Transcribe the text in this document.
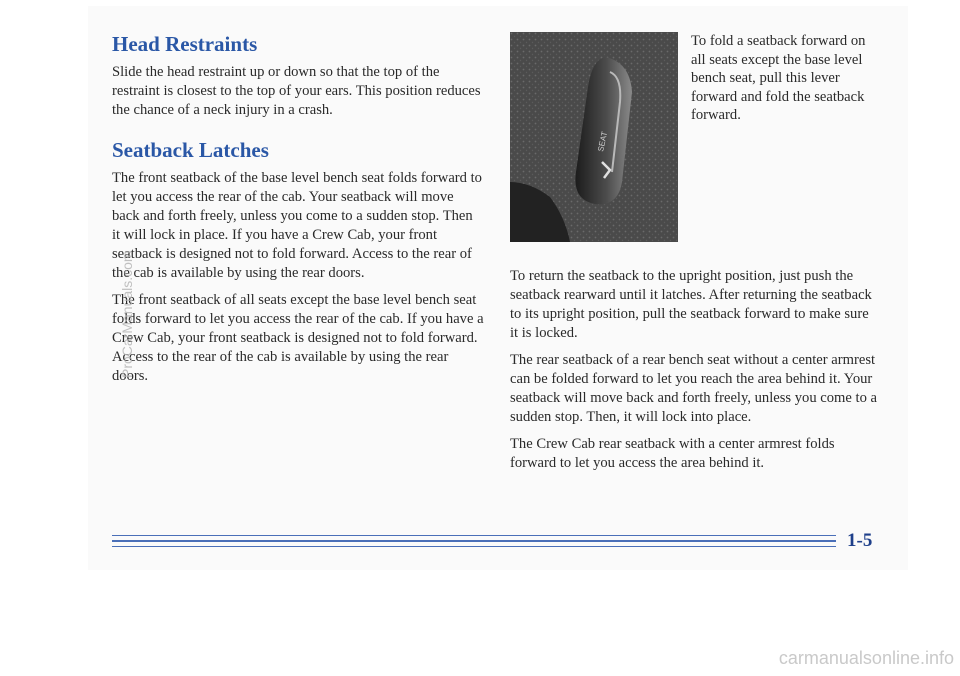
Head Restraints

Slide the head restraint up or down so that the top of the restraint is closest to the top of your ears. This position reduces the chance of a neck injury in a crash.

Seatback Latches

The front seatback of the base level bench seat folds forward to let you access the rear of the cab. Your seatback will move back and forth freely, unless you come to a sudden stop. Then it will lock in place. If you have a Crew Cab, your front seatback is designed not to fold forward. Access to the rear of the cab is available by using the rear doors.

The front seatback of all seats except the base level bench seat folds forward to let you access the rear of the cab. If you have a Crew Cab, your front seatback is designed not to fold forward. Access to the rear of the cab is available by using the rear doors.

SEAT

To fold a seatback forward on all seats except the base level bench seat, pull this lever forward and fold the seatback forward.

To return the seatback to the upright position, just push the seatback rearward until it latches. After returning the seatback to its upright position, pull the seatback forward to make sure it is locked.

The rear seatback of a rear bench seat without a center armrest can be folded forward to let you reach the area behind it. Your seatback will move back and forth freely, unless you come to a sudden stop. Then, it will lock into place.

The Crew Cab rear seatback with a center armrest folds forward to let you access the area behind it.

1-5
ProCarManuals.com
carmanualsonline.info
